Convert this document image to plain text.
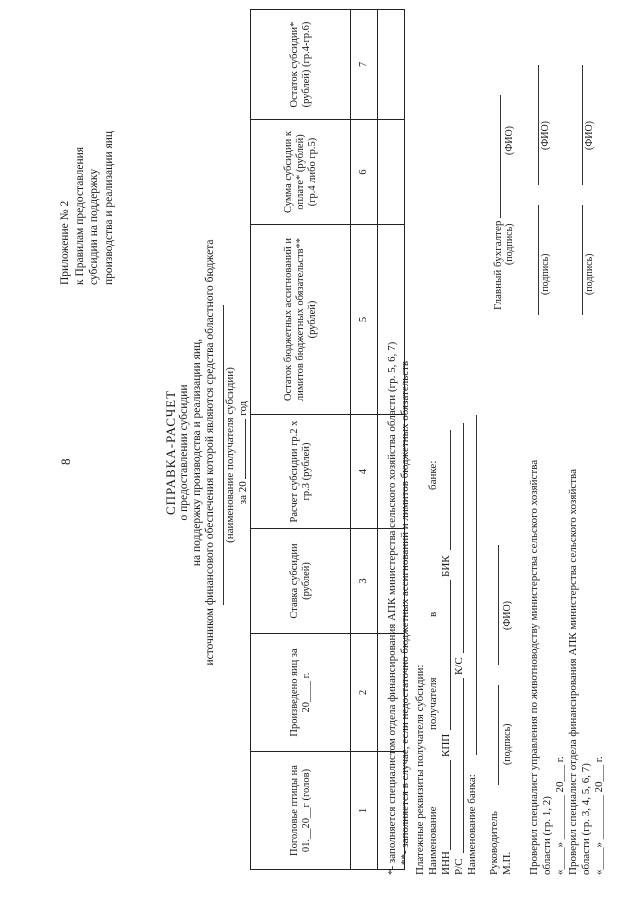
8
Приложение № 2 к Правилам предоставления субсидии на поддержку производства и реализации яиц
СПРАВКА-РАСЧЕТ о предоставлении субсидии на поддержку производства и реализации яиц, источником финансового обеспечения которой являются средства областного бюджета (наименование получателя субсидии) за 20  год
Поголовье птицы на 01.__20__г (голов)	Произведено яиц за 20____ г.	Ставка субсидии (рублей)	Расчет субсидии гр.2 х гр.3 (рублей)	Остаток бюджетных ассигнований и лимитов бюджетных обязательств** (рублей)	Сумма субсидии к оплате* (рублей) (гр.4 либо гр.5)	Остаток субсидии* (рублей) (гр.4-гр.6)
1	2	3	4	5	6	7

*- заполняется специалистом отдела финансирования АПК министерства сельского хозяйства области (гр. 5, 6, 7) **- заполняется в случае, если недостаточно бюджетных ассигнований и лимитов бюджетных обязательств Платежные реквизиты получателя субсидии: Наименование
получателя
в
банке:
ИНН
КПП
БИК
Р/С
К/С
Наименование банка: Руководитель М.П.
(подпись)
(ФИО)
Главный бухгалтер (подпись)
(ФИО)
Проверил специалист управления по животноводству министерства сельского хозяйства области (гр. 1, 2) «____» ________ 20___ г. Проверил специалист отдела финансирования АПК министерства сельского хозяйства области (гр. 3, 4, 5, 6, 7) «____» ________ 20___ г.
(подпись)
(ФИО)
(подпись)
(ФИО)
